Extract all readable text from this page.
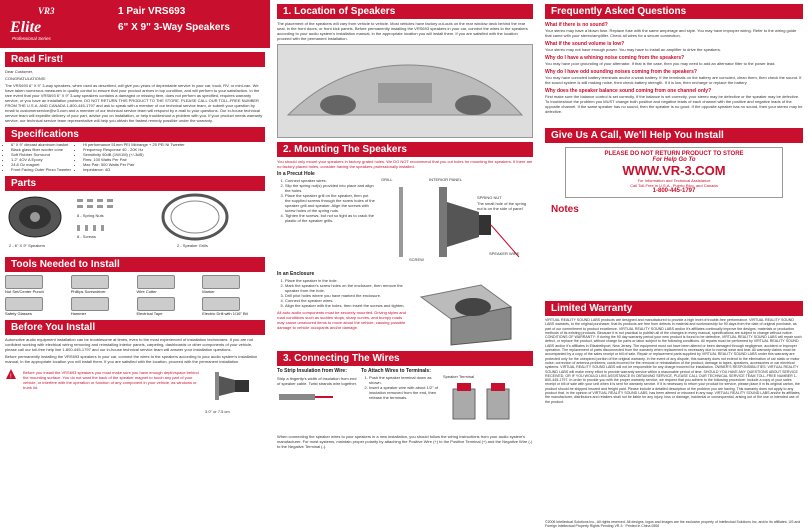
VR3
Elite
Professional Series
1 Pair VRS693
6" X 9" 3-Way Speakers
Read First!
Dear Customer,
CONGRATULATIONS!
The VRS693 6" X 9" 3-way speakers, when used as described, will give you years of dependable service in your car, truck, RV, or mini-van. We have taken numerous measures in quality control to ensure that your product arrives in top condition, and will perform to your satisfaction. In the rare event that your VRS693 6" X 9" 3-way speakers contains a damaged or missing item, does not perform as specified, requires warranty service, or you have an installation problem, DO NOT RETURN THIS PRODUCT TO THE STORE. PLEASE CALL OUR TOLL-FREE NUMBER FROM THE U.S.A. AND CANADA 1-800-445-1797 and ask to speak with a member of our technical service team, or submit your question by email to customerservice@vr3.com and a member of our technical service team will respond by e-mail to your questions. Our in-house technical service team will expedite delivery of your part, advise you on installation, or help troubleshoot a problem with you. If your product needs warranty service, our technical service team representative will help you obtain the fastest remedy possible under the warranty.
Specifications
• 6" X 9" diecast aluminum basket
• Black glass fiber woofer cone
• Soft Rubber Surround
• 1.2" 4OV A Epoxy
• 24.8 Oz magnet
• Front Facing Outer Piezo Tweeter
• Hi performance 51mm PEI Midrange + 25 PEI Ni Tweeter
• Frequency Response 40 - 20K Hz
• Sensitivity 90dB (1W/1M) (+/-3dB)
• Rms: 100 Watts Per Pair
• Max Pair: 500 Watts Per Pair
• Impedance: 4Ω
Parts
8 - Spring Nuts
8 - Screws
2 - 6" X 9" Speakers	2 - Speaker Grills
Tools Needed to Install
Nut Set/Center Punch	Phillips Screwdriver	Wire Cutter	Marker
Safety Glasses	Hammer	Electrical Tape	Electric Drill with 1/16" Bit
Before You Install
Automotive audio equipment installation can be troublesome at times, even to the most experienced of installation technicians. If you are not confident working with electrical wiring removing and reinstalling interior panels, carpeting, dashboards or other components of your vehicle, please call our toll-free help line 1-800-445-1797 and our in-house technical service team will answer your installation questions.
Before permanently installing the VRS693 speakers in your car, connect the wires to the speakers according to your audio system's installation manual, in the appropriate location you will install them. If you are satisfied with the location, proceed with the permanent installation.
!
Before you install the VRS693 speakers you must make sure you have enough depth/space behind the mounting surface. You do not want the back of the speaker magnet to touch any part of your vehicle, or interfere with the operation or function of any component in your vehicle, as windows or trunk lid.
3.0" or 7.5 cm
1. Location of Speakers
The placement of the speakers will vary from vehicle to vehicle. Most vehicles have factory cut-outs on the rear window deck behind the rear seat, in the front doors, or front kick panels. Before permanently installing the VRS693 speakers in your car, connect the wires to the speakers according to your audio system's installation manual, in the appropriate location you will install them. If you are satisfied with the location proceed with the permanent installation.
2. Mounting The Speakers
You should only mount your speakers in factory grated holes. We DO NOT recommend that you cut holes for mounting the speakers. If there are no factory placed holes, consider having the speakers professionally installed.
In a Precut Hole
1. Connect speaker wires.
2. Slip the spring nut(s) provided into place and align the holes.
3. Place the speaker grill on the speaker, then put the supplied screws through the screw holes of the speaker grill and speaker. Align the screws with screw holes of the spring nuts.
4. Tighten the screws, but not so tight as to crack the plastic of the speaker grills.
GRILL	INTERIOR PANEL
SPRING NUT
The small hole of the spring nut is on the side of panel
SCREW
SPEAKER WIRE
In an Enclosure
1. Place the speaker in the hole.
2. Mark the speaker's screw holes on the enclosure, then remove the speaker from the hole.
3. Drill pilot holes where you have marked the enclosure.
4. Connect the speaker wires.
5. Align the speaker with the holes, then insert the screws and tighten.
All auto audio components must be securely mounted. Driving styles and road conditions such as sudden stops, sharp curves, and bumpy roads may cause unsecured items to move about the vehicle, causing possible damage to vehicle occupants and/or damage.
3. Connecting The Wires
To Strip Insulation from Wire:
Strip a fingertip's width of insulation from end of speaker cable. Twist strands wire together.
To Attach Wires to Terminals:
1. Push the speaker terminal down as shown.
2. Insert a speaker wire with about 1/2" of insulation removed from the end, then release the terminals.
Speaker Terminal
When connecting the speaker wires to your speakers in a new installation, you should follow the wiring instructions from your audio system's manufacturer. For most systems, maintain proper polarity by attaching the Positive Wire (+) to the Positive Terminal (+) and the Negative Wire (-) to the Negative Terminal (-).
Frequently Asked Questions
What if there is no sound?
Your stereo may have a blown fuse. Replace fuse with the same amperage and style. You may have improper wiring. Refer to the wiring guide that came with your stereo/amplifier. Check all wires for a secure connection.
What if the sound volume is low?
Your stereo may not have enough power. You may have to install an amplifier to drive the speakers.
Why do I have a whining noise coming from the speakers?
You may have poor grounding of your alternator. If that is the case, then you may need to add an alternator filter to the power lead.
Why do I have odd sounding noises coming from the speakers?
You may have corroded battery terminals and/or a weak battery. If the terminals on the battery are corroded, clean them, then check the sound. If the sound system is still making noise, then check battery strength. If it is low, then recharge or replace the battery.
Why does the speaker balance sound coming from one channel only?
First make sure the balance control is set correctly. If the balance is set correctly, your stereo may be defective or the speaker may be defective. To troubleshoot the problem you MUST change both positive and negative leads of each channel with the positive and negative leads of the opposite channel. If the same speaker has no sound, then the speaker is no good. If the opposite speaker has no sound, then your stereo may be defective.
Give Us A Call, We'll Help You Install
PLEASE DO NOT RETURN PRODUCT TO STORE
For Help Go To
WWW.VR-3.COM
For Information and Technical Assistance
Call Toll-Free in U.S.A., Puerto Rico, and Canada
1-800-445-1797
Notes
Limited Warranty
VIRTUAL REALITY SOUND LABS products are designed and manufactured to provide a high level of trouble-free performance. VIRTUAL REALITY SOUND LABS warrants, to the original purchaser, that its products are free from defects in material and workmanship for 90 days from the date of original purchase, as part of our commitment to product excellence. VIRTUAL REALITY SOUND LABS and/or it's affiliates continually improve the designs, materials or production methods of its existing products. Because it is not practical to publish all of the changes in every manual, specifications are subject to change without notice. CONDITIONS OF WARRANTY: If during the 90 day warranty period your new product is found to be defective, VIRTUAL REALITY SOUND LABS will repair such defect, or replace the product, without charge for parts or labor subject to the following conditions. All repairs must be performed by VIRTUAL REALITY SOUND LABS and/or it's affiliates in Elizabethport, New Jersey. The equipment must not have been altered or been damaged through negligence, accident or improper operation. The replacement of parts disconnected from the warranty when replacement is necessary due to normal wear and tear. All warranty claims must be accompanied by a copy of the sales receipt or bill of sale. Repair or replacement parts supplied by VIRTUAL REALITY SOUND LABS under this warranty are protected only for the unexpired portion of the original warranty. In the event of any dispute, this warranty does not extend to the elimination of car static or motor noise; correction of antenna problems; costs incurred for the removal or reinstallation of the product; damage to tapes, speakers, accessories or car electrical systems. VIRTUAL REALITY SOUND LABS will not be responsible for any charge incurred for installation. OWNER'S RESPONSIBILITIES: VIRTUAL REALITY SOUND LABS will make every effort to provide warranty service within a reasonable period of time. SHOULD YOU HAVE ANY QUESTIONS ABOUT SERVICE RECEIVED, OR IF YOU WOULD LIKE ASSISTANCE IN OBTAINING SERVICE, PLEASE CALL OUR TECHNICAL SERVICE TEAM TOLL-FREE NUMBER 1-800-445-1797. In order to provide you with the proper warranty service, we request that you adhere to the following procedure: Include a copy of your sales receipt or bill of sale with your unit when it is sent for warranty service. If it is necessary to return your product for service, please place it in its original carton, the product should be shipped insured and freight paid. Please include a detailed description of the problem you are having. This warranty does not apply to any product that, in the opinion of VIRTUAL REALITY SOUND LABS, has been altered or misused in any way. VIRTUAL REALITY SOUND LABS and/or its affiliates, the manufacturer, distributors and retailers shall not be liable for any injury, loss or damage, incidental or consequential, arising out of the use or intended use of the product.
©2006 Intellectual Solutions Inc., All rights reserved. All designs, logos and images are the exclusive property of Intellectual Solutions Inc. and/or its affiliates. US and Foreign Intellectual Property Rights Pending VR-3 · Printed in China 0506
